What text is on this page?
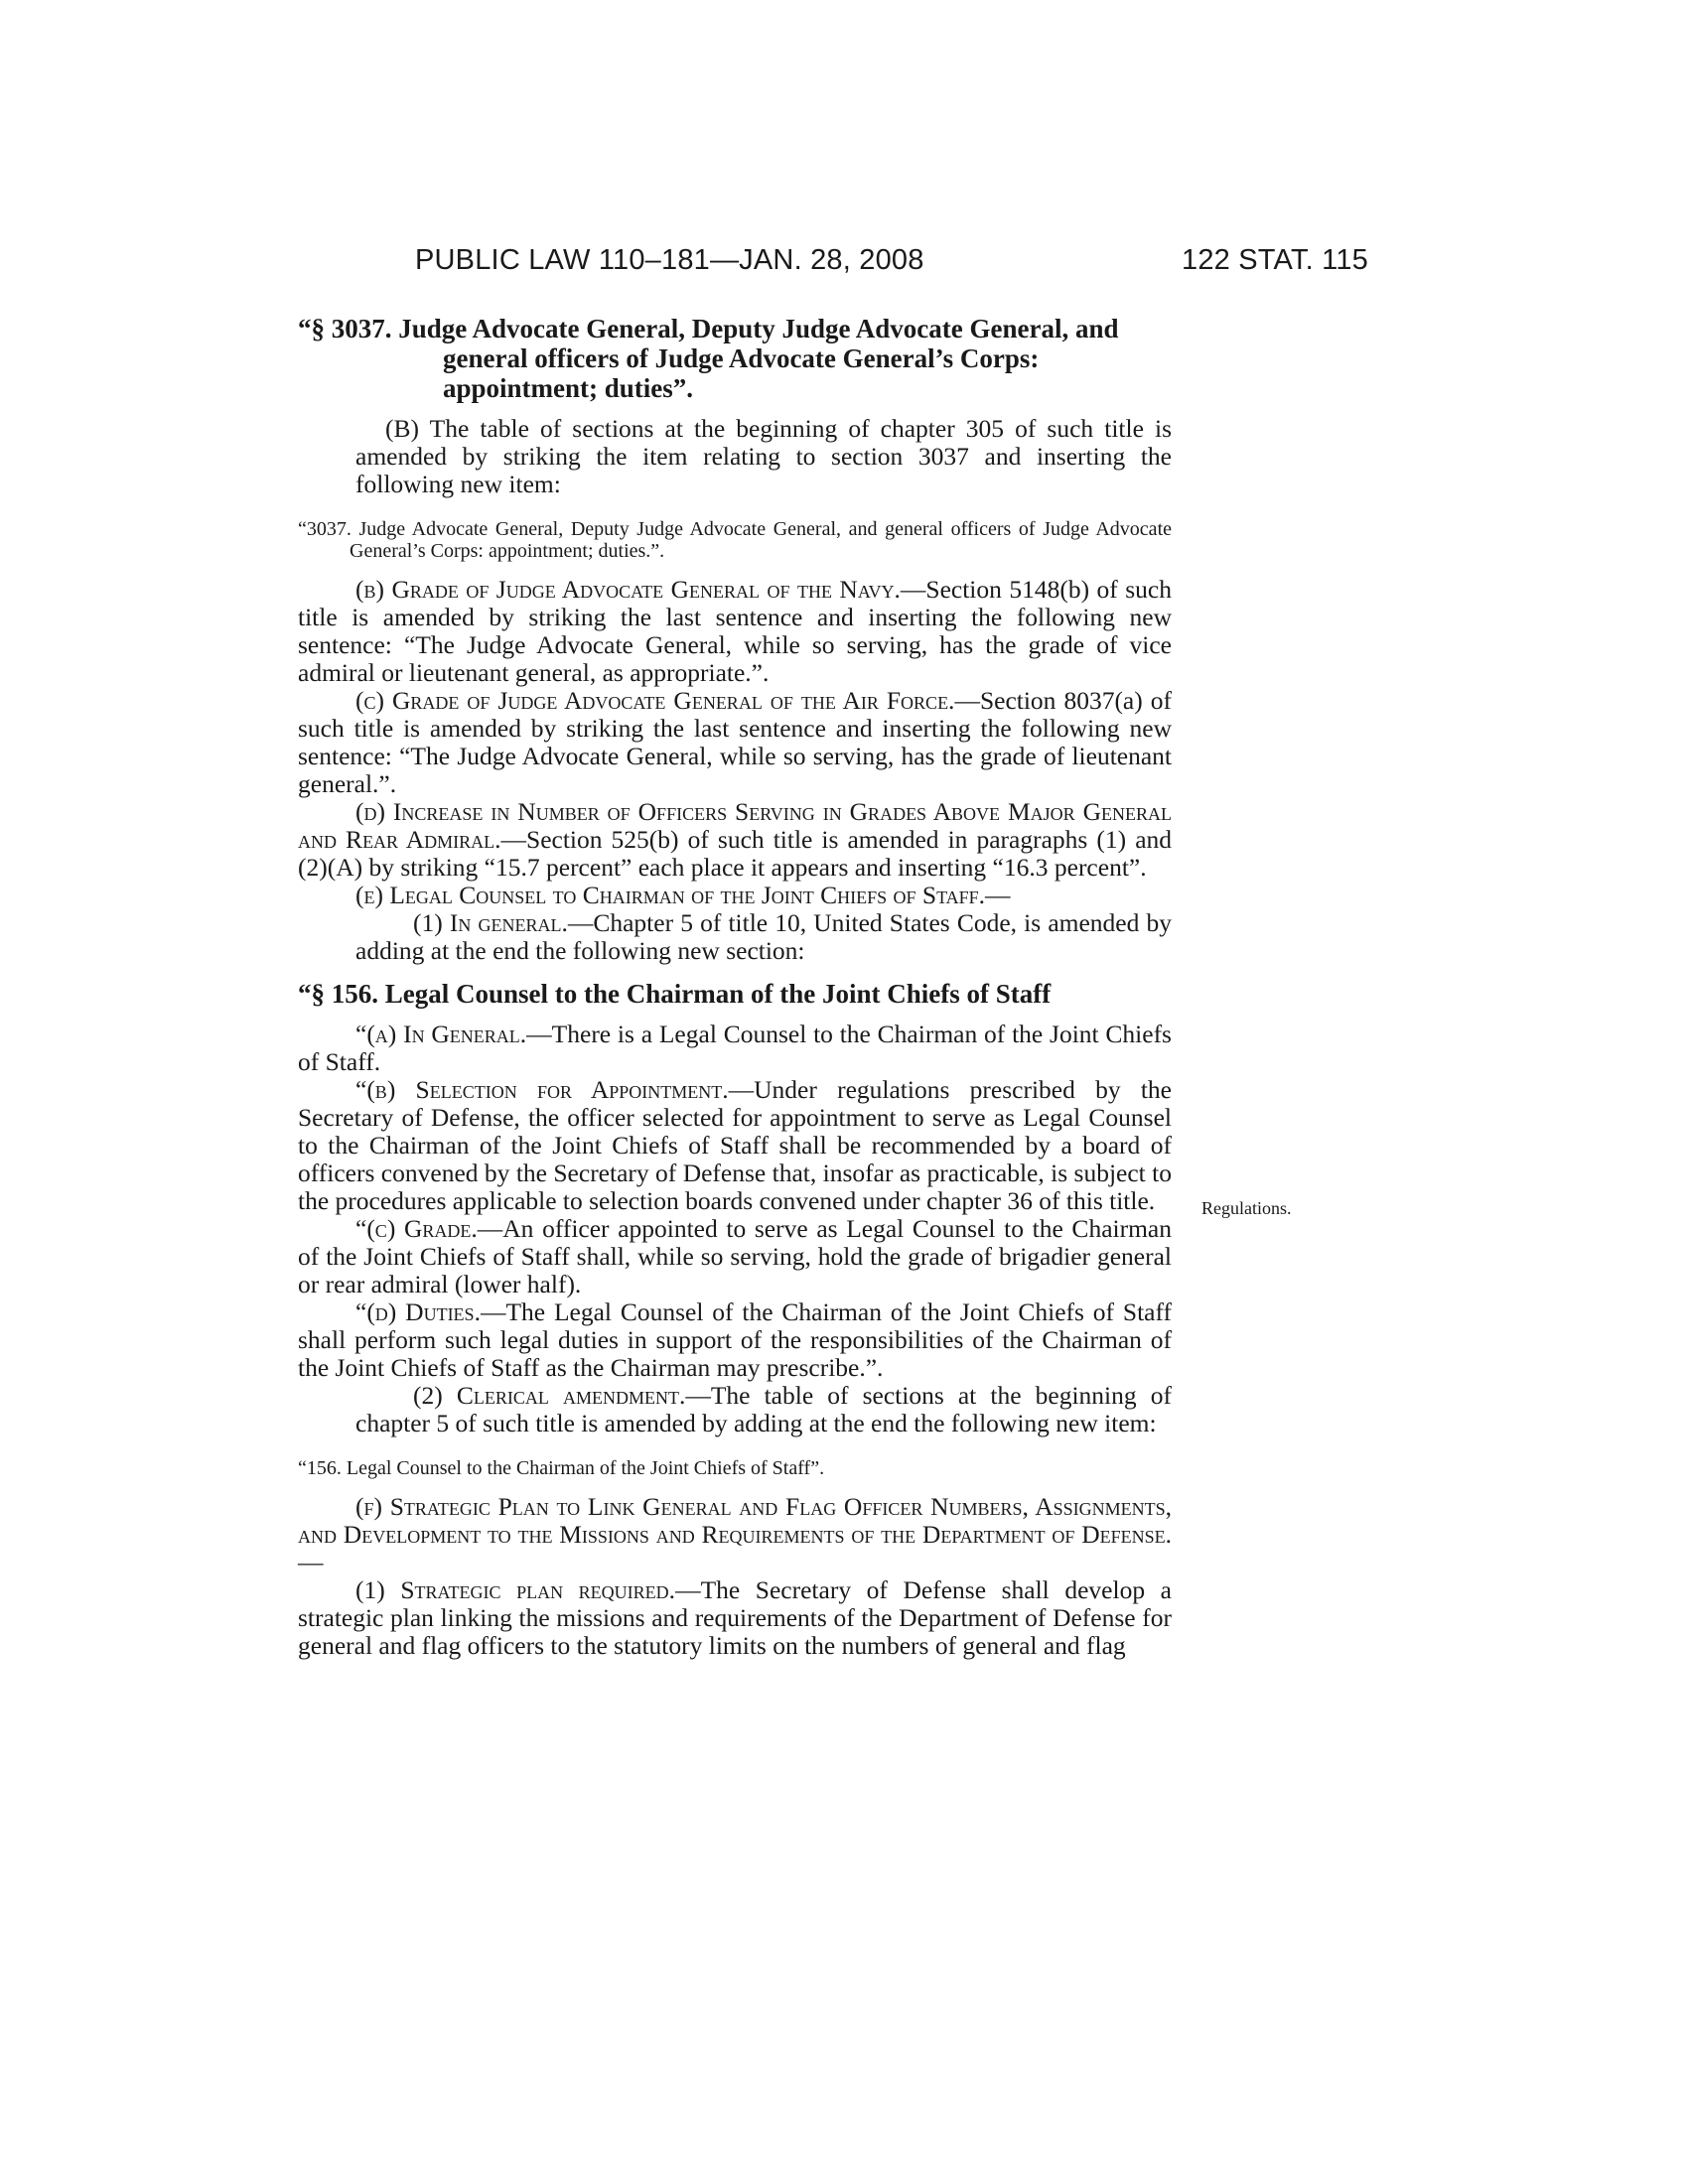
PUBLIC LAW 110–181—JAN. 28, 2008	122 STAT. 115

“§ 3037. Judge Advocate General, Deputy Judge Advocate General, and general officers of Judge Advocate General’s Corps: appointment; duties”.

(B) The table of sections at the beginning of chapter 305 of such title is amended by striking the item relating to section 3037 and inserting the following new item:

“3037. Judge Advocate General, Deputy Judge Advocate General, and general officers of Judge Advocate General’s Corps: appointment; duties.”.

(b) Grade of Judge Advocate General of the Navy.—Section 5148(b) of such title is amended by striking the last sentence and inserting the following new sentence: “The Judge Advocate General, while so serving, has the grade of vice admiral or lieutenant general, as appropriate.”.

(c) Grade of Judge Advocate General of the Air Force.—Section 8037(a) of such title is amended by striking the last sentence and inserting the following new sentence: “The Judge Advocate General, while so serving, has the grade of lieutenant general.”.

(d) Increase in Number of Officers Serving in Grades Above Major General and Rear Admiral.—Section 525(b) of such title is amended in paragraphs (1) and (2)(A) by striking “15.7 percent” each place it appears and inserting “16.3 percent”.

(e) Legal Counsel to Chairman of the Joint Chiefs of Staff.—

(1) In general.—Chapter 5 of title 10, United States Code, is amended by adding at the end the following new section:

“§ 156. Legal Counsel to the Chairman of the Joint Chiefs of Staff

“(a) In General.—There is a Legal Counsel to the Chairman of the Joint Chiefs of Staff.

“(b) Selection for Appointment.—Under regulations prescribed by the Secretary of Defense, the officer selected for appointment to serve as Legal Counsel to the Chairman of the Joint Chiefs of Staff shall be recommended by a board of officers convened by the Secretary of Defense that, insofar as practicable, is subject to the procedures applicable to selection boards convened under chapter 36 of this title.

“(c) Grade.—An officer appointed to serve as Legal Counsel to the Chairman of the Joint Chiefs of Staff shall, while so serving, hold the grade of brigadier general or rear admiral (lower half).

“(d) Duties.—The Legal Counsel of the Chairman of the Joint Chiefs of Staff shall perform such legal duties in support of the responsibilities of the Chairman of the Joint Chiefs of Staff as the Chairman may prescribe.”.

(2) Clerical amendment.—The table of sections at the beginning of chapter 5 of such title is amended by adding at the end the following new item:

“156. Legal Counsel to the Chairman of the Joint Chiefs of Staff”.

(f) Strategic Plan to Link General and Flag Officer Numbers, Assignments, and Development to the Missions and Requirements of the Department of Defense.—

(1) Strategic plan required.—The Secretary of Defense shall develop a strategic plan linking the missions and requirements of the Department of Defense for general and flag officers to the statutory limits on the numbers of general and flag

Regulations.
